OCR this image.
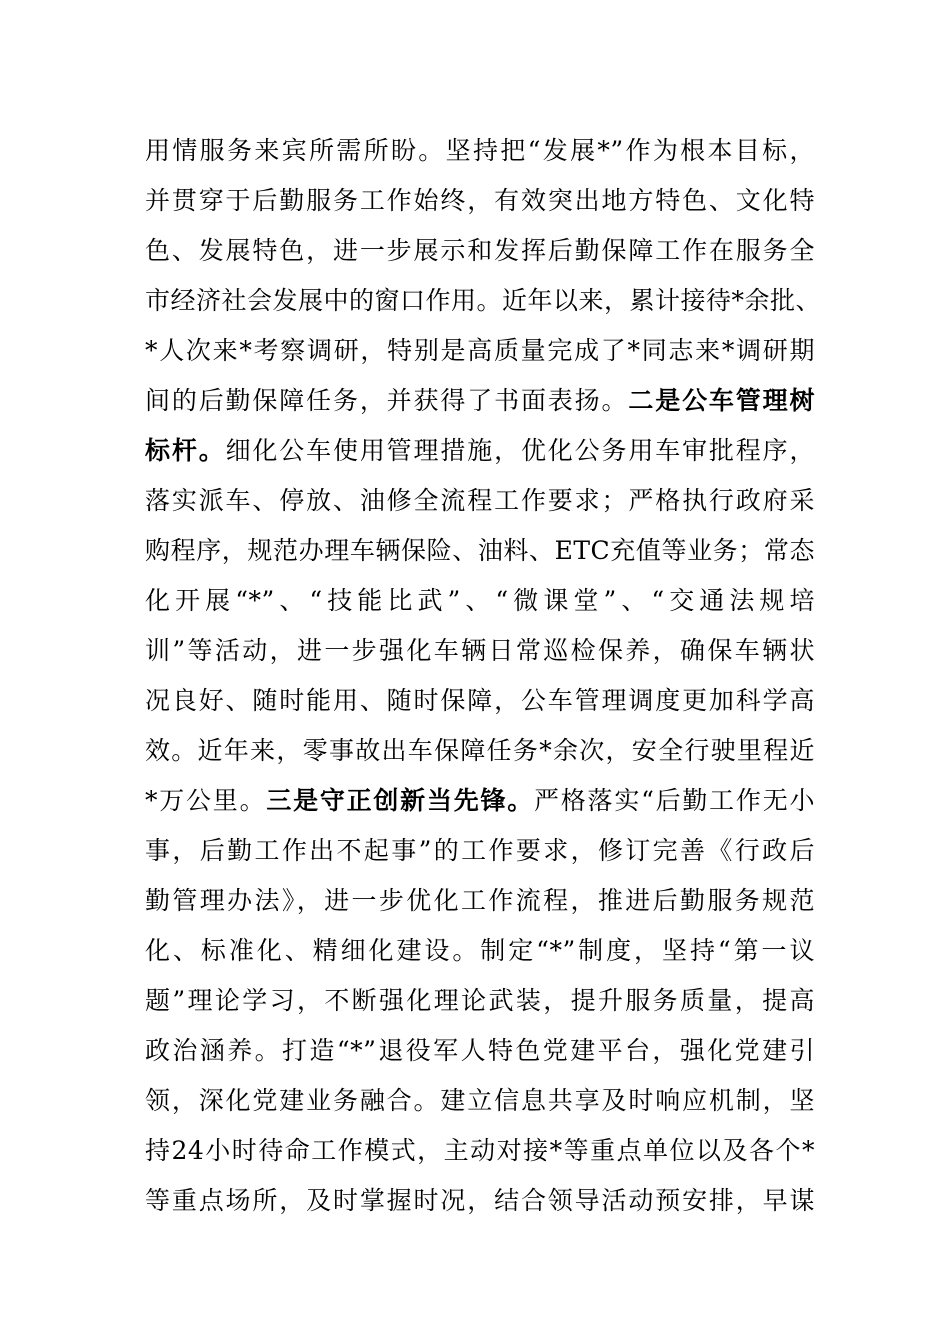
用情服务来宾所需所盼。坚持把“发展*”作为根本目标，
并贯穿于后勤服务工作始终，有效突出地方特色、文化特
色、发展特色，进一步展示和发挥后勤保障工作在服务全
市经济社会发展中的窗口作用。近年以来，累计接待*余批、
*人次来*考察调研，特别是高质量完成了*同志来*调研期
间的后勤保障任务，并获得了书面表扬。二是公车管理树
标杆。细化公车使用管理措施，优化公务用车审批程序，
落实派车、停放、油修全流程工作要求；严格执行政府采
购程序，规范办理车辆保险、油料、ETC充值等业务；常态
化开展“*”、“技能比武”、“微课堂”、“交通法规培
训”等活动，进一步强化车辆日常巡检保养，确保车辆状
况良好、随时能用、随时保障，公车管理调度更加科学高
效。近年来，零事故出车保障任务*余次，安全行驶里程近
*万公里。三是守正创新当先锋。严格落实“后勤工作无小
事，后勤工作出不起事”的工作要求，修订完善《行政后
勤管理办法》，进一步优化工作流程，推进后勤服务规范
化、标准化、精细化建设。制定“*”制度，坚持“第一议
题”理论学习，不断强化理论武装，提升服务质量，提高
政治涵养。打造“*”退役军人特色党建平台，强化党建引
领，深化党建业务融合。建立信息共享及时响应机制，坚
持24小时待命工作模式，主动对接*等重点单位以及各个*
等重点场所，及时掌握时况，结合领导活动预安排，早谋
